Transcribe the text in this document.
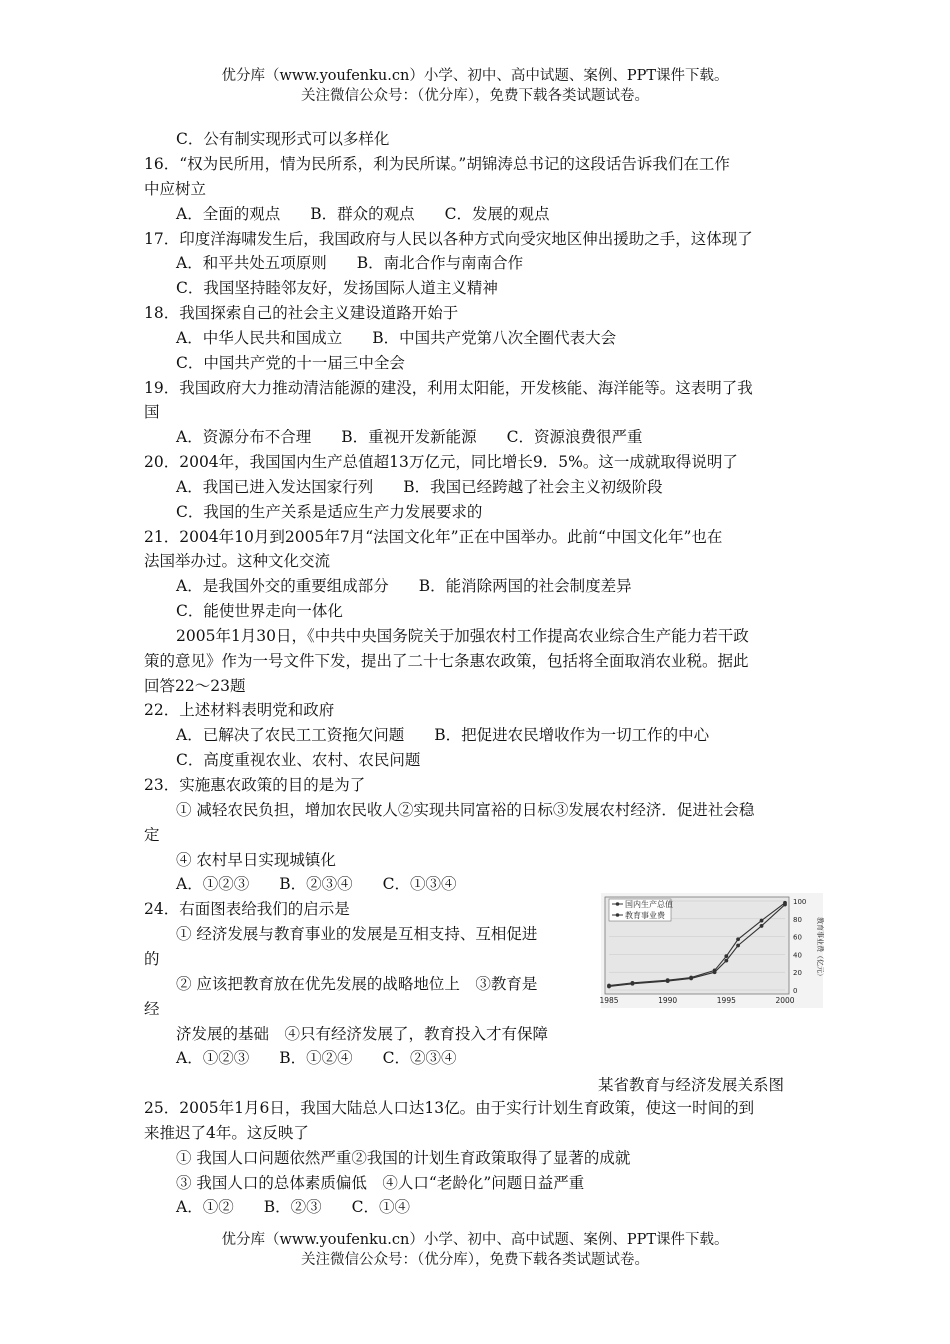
优分库（www.youfenku.cn）小学、初中、高中试题、案例、PPT课件下载。
关注微信公众号：（优分库），免费下载各类试题试卷。
C．公有制实现形式可以多样化
16．“权为民所用，情为民所系，利为民所谋。”胡锦涛总书记的这段话告诉我们在工作
中应树立
A．全面的观点 B．群众的观点 C．发展的观点
17．印度洋海啸发生后，我国政府与人民以各种方式向受灾地区伸出援助之手，这体现了
A．和平共处五项原则 B．南北合作与南南合作
C．我国坚持睦邻友好，发扬国际人道主义精神
18．我国探索自己的社会主义建设道路开始于
A．中华人民共和国成立 B．中国共产党第八次全圈代表大会
C．中国共产党的十一届三中全会
19．我国政府大力推动清洁能源的建没，利用太阳能，开发核能、海洋能等。这表明了我
国
A．资源分布不合理 B．重视开发新能源 C．资源浪费很严重
20．2004年，我国国内生产总值超13万亿元，同比增长9．5%。这一成就取得说明了
A．我国已进入发达国家行列 B．我国已经跨越了社会主义初级阶段
C．我国的生产关系是适应生产力发展要求的
21．2004年10月到2005年7月“法国文化年”正在中国举办。此前“中国文化年”也在
法国举办过。这种文化交流
A．是我国外交的重要组成部分 B．能消除两国的社会制度差异
C．能使世界走向一体化
2005年1月30日，《中共中央国务院关于加强农村工作提高农业综合生产能力若干政
策的意见》作为一号文件下发，提出了二十七条惠农政策，包括将全面取消农业税。据此
回答22～23题
22．上述材料表明党和政府
A．已解决了农民工工资拖欠问题 B．把促进农民增收作为一切工作的中心
C．高度重视农业、农村、农民问题
23．实施惠农政策的目的是为了
① 减轻农民负担，增加农民收人②实现共同富裕的日标③发展农村经济．促进社会稳
定
④ 农村早日实现城镇化
A．①②③ B．②③④ C．①③④
24．右面图表给我们的启示是
① 经济发展与教育事业的发展是互相支持、互相促进
的
② 应该把教育放在优先发展的战略地位上　③教育是
经
济发展的基础　④只有经济发展了，教育投入才有保障
A．①②③ B．①②④ C．②③④
国内生产总值
教育事业费
1985	1990	1995	2000
0
20
40
60
80
100
教育事业费（亿元）
某省教育与经济发展关系图
25．2005年1月6日，我国大陆总人口达13亿。由于实行计划生育政策，使这一时间的到
来推迟了4年。这反映了
① 我国人口问题依然严重②我国的计划生育政策取得了显著的成就
③ 我国人口的总体素质偏低　④人口“老龄化”问题日益严重
A．①② B．②③ C．①④
优分库（www.youfenku.cn）小学、初中、高中试题、案例、PPT课件下载。
关注微信公众号：（优分库），免费下载各类试题试卷。
